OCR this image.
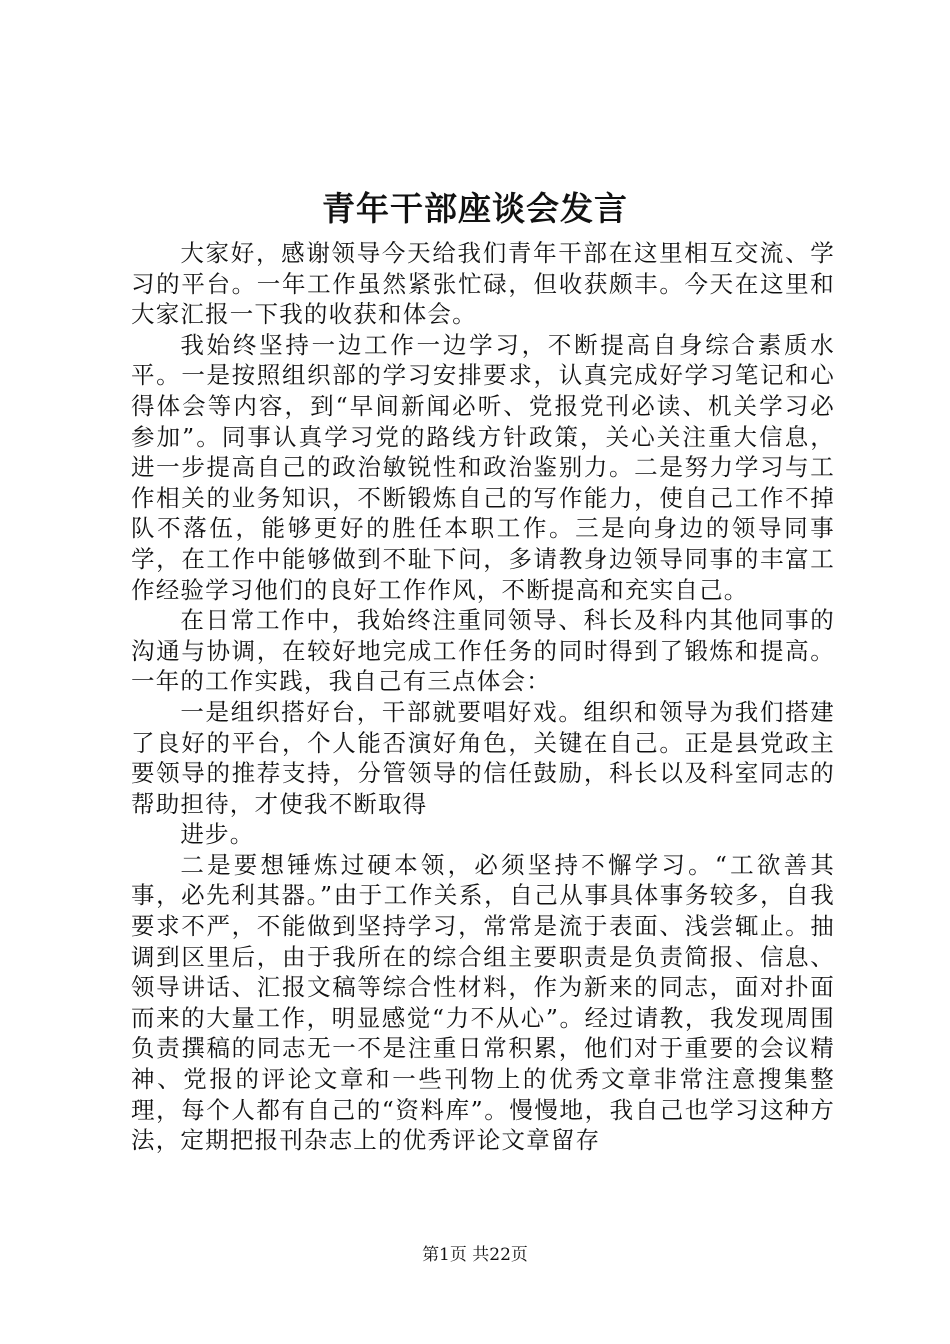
青年干部座谈会发言

大家好，感谢领导今天给我们青年干部在这里相互交流、学习的平台。一年工作虽然紧张忙碌，但收获颇丰。今天在这里和大家汇报一下我的收获和体会。

我始终坚持一边工作一边学习，不断提高自身综合素质水平。一是按照组织部的学习安排要求，认真完成好学习笔记和心得体会等内容，到“早间新闻必听、党报党刊必读、机关学习必参加”。同事认真学习党的路线方针政策，关心关注重大信息，进一步提高自己的政治敏锐性和政治鉴别力。二是努力学习与工作相关的业务知识，不断锻炼自己的写作能力，使自己工作不掉队不落伍，能够更好的胜任本职工作。三是向身边的领导同事学，在工作中能够做到不耻下问，多请教身边领导同事的丰富工作经验学习他们的良好工作作风，不断提高和充实自己。

在日常工作中，我始终注重同领导、科长及科内其他同事的沟通与协调，在较好地完成工作任务的同时得到了锻炼和提高。一年的工作实践，我自己有三点体会：

一是组织搭好台，干部就要唱好戏。组织和领导为我们搭建了良好的平台，个人能否演好角色，关键在自己。正是县党政主要领导的推荐支持，分管领导的信任鼓励，科长以及科室同志的帮助担待，才使我不断取得

进步。

二是要想锤炼过硬本领，必须坚持不懈学习。“工欲善其事，必先利其器。”由于工作关系，自己从事具体事务较多，自我要求不严，不能做到坚持学习，常常是流于表面、浅尝辄止。抽调到区里后，由于我所在的综合组主要职责是负责简报、信息、领导讲话、汇报文稿等综合性材料，作为新来的同志，面对扑面而来的大量工作，明显感觉“力不从心”。经过请教，我发现周围负责撰稿的同志无一不是注重日常积累，他们对于重要的会议精神、党报的评论文章和一些刊物上的优秀文章非常注意搜集整理，每个人都有自己的“资料库”。慢慢地，我自己也学习这种方法，定期把报刊杂志上的优秀评论文章留存

第1页 共22页
